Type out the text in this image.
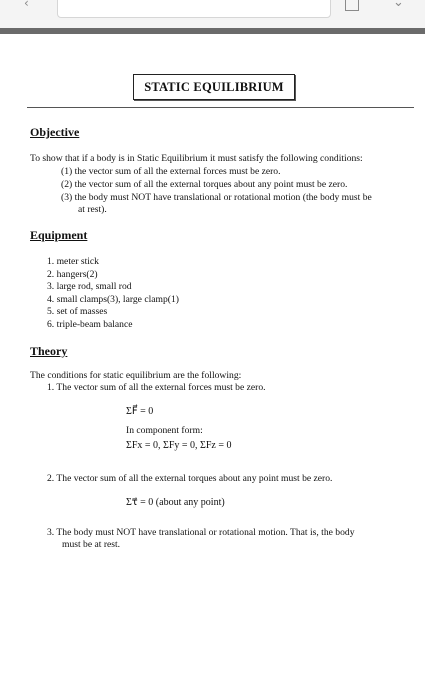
‹	⌄
STATIC EQUILIBRIUM
Objective
To show that if a body is in Static Equilibrium it must satisfy the following conditions:
(1) the vector sum of all the external forces must be zero.
(2) the vector sum of all the external torques about any point must be zero.
(3) the body must NOT have translational or rotational motion (the body must be
at rest).
Equipment
1. meter stick
2. hangers(2)
3. large rod, small rod
4. small clamps(3), large clamp(1)
5. set of masses
6. triple-beam balance
Theory
The conditions for static equilibrium are the following:
1. The vector sum of all the external forces must be zero.
ΣF⃗ = 0
In component form:
ΣFx = 0, ΣFy = 0, ΣFz = 0
2. The vector sum of all the external torques about any point must be zero.
Στ⃗ = 0 (about any point)
3. The body must NOT have translational or rotational motion. That is, the body
must be at rest.
